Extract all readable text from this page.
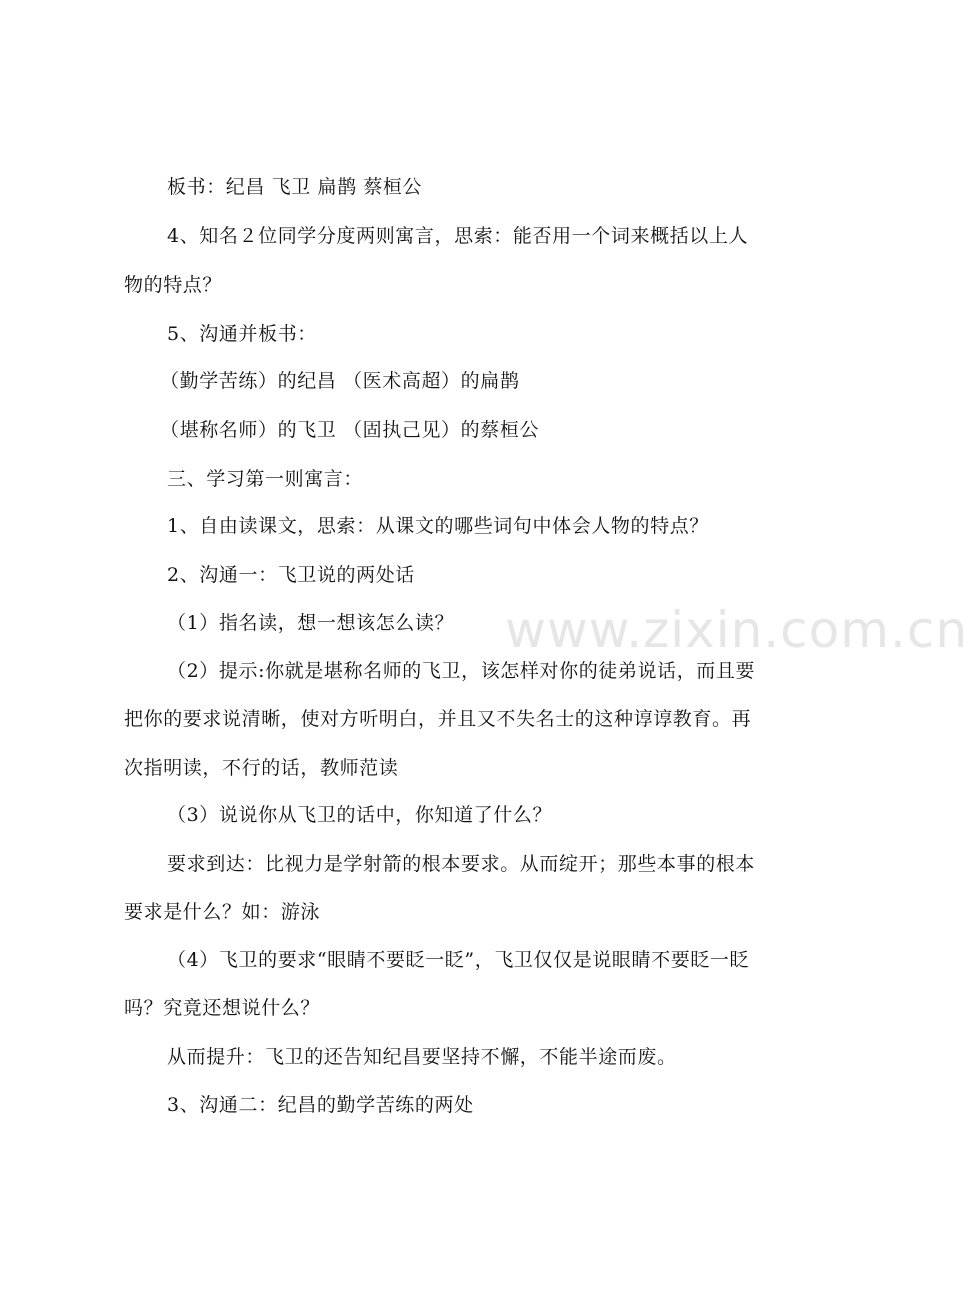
www.zixin.com.cn
板书：纪昌 飞卫 扁鹊 蔡桓公
4、知名２位同学分度两则寓言，思索：能否用一个词来概括以上人
物的特点？
5、沟通并板书：
（勤学苦练）的纪昌 （医术高超）的扁鹊
（堪称名师）的飞卫 （固执己见）的蔡桓公
三、学习第一则寓言：
1、自由读课文，思索：从课文的哪些词句中体会人物的特点？
2、沟通一：飞卫说的两处话
（1）指名读，想一想该怎么读？
（2）提示:你就是堪称名师的飞卫，该怎样对你的徒弟说话，而且要
把你的要求说清晰，使对方听明白，并且又不失名士的这种谆谆教育。再
次指明读，不行的话，教师范读
（3）说说你从飞卫的话中，你知道了什么？
要求到达：比视力是学射箭的根本要求。从而绽开；那些本事的根本
要求是什么？如：游泳
（4）飞卫的要求“眼睛不要眨一眨”，飞卫仅仅是说眼睛不要眨一眨
吗？究竟还想说什么？
从而提升：飞卫的还告知纪昌要坚持不懈，不能半途而废。
3、沟通二：纪昌的勤学苦练的两处
